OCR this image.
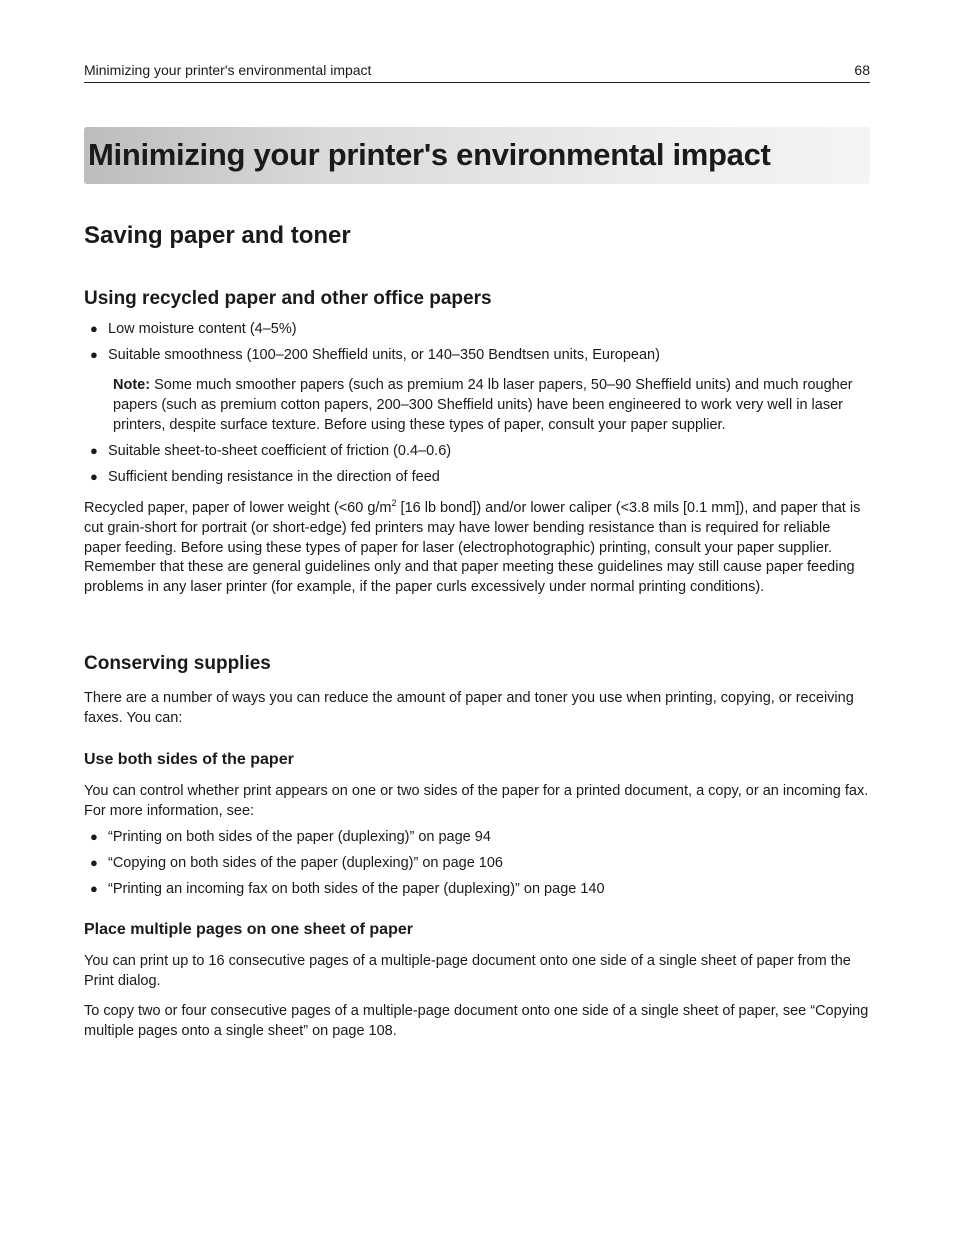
Minimizing your printer's environmental impact	68
Minimizing your printer's environmental impact
Saving paper and toner
Using recycled paper and other office papers
● Low moisture content (4–5%)
● Suitable smoothness (100–200 Sheffield units, or 140–350 Bendtsen units, European)

Note: Some much smoother papers (such as premium 24 lb laser papers, 50–90 Sheffield units) and much rougher papers (such as premium cotton papers, 200–300 Sheffield units) have been engineered to work very well in laser printers, despite surface texture. Before using these types of paper, consult your paper supplier.

● Suitable sheet-to-sheet coefficient of friction (0.4–0.6)
● Sufficient bending resistance in the direction of feed

Recycled paper, paper of lower weight (<60 $g/m^2$ [16 lb bond]) and/or lower caliper (<3.8 mils [0.1 mm]), and paper that is cut grain-short for portrait (or short-edge) fed printers may have lower bending resistance than is required for reliable paper feeding. Before using these types of paper for laser (electrophotographic) printing, consult your paper supplier. Remember that these are general guidelines only and that paper meeting these guidelines may still cause paper feeding problems in any laser printer (for example, if the paper curls excessively under normal printing conditions).

Conserving supplies

There are a number of ways you can reduce the amount of paper and toner you use when printing, copying, or receiving faxes. You can:

Use both sides of the paper

You can control whether print appears on one or two sides of the paper for a printed document, a copy, or an incoming fax. For more information, see:

● “Printing on both sides of the paper (duplexing)” on page 94
● “Copying on both sides of the paper (duplexing)” on page 106
● “Printing an incoming fax on both sides of the paper (duplexing)” on page 140
Place multiple pages on one sheet of paper

You can print up to 16 consecutive pages of a multiple-page document onto one side of a single sheet of paper from the Print dialog.

To copy two or four consecutive pages of a multiple-page document onto one side of a single sheet of paper, see “Copying multiple pages onto a single sheet” on page 108.
